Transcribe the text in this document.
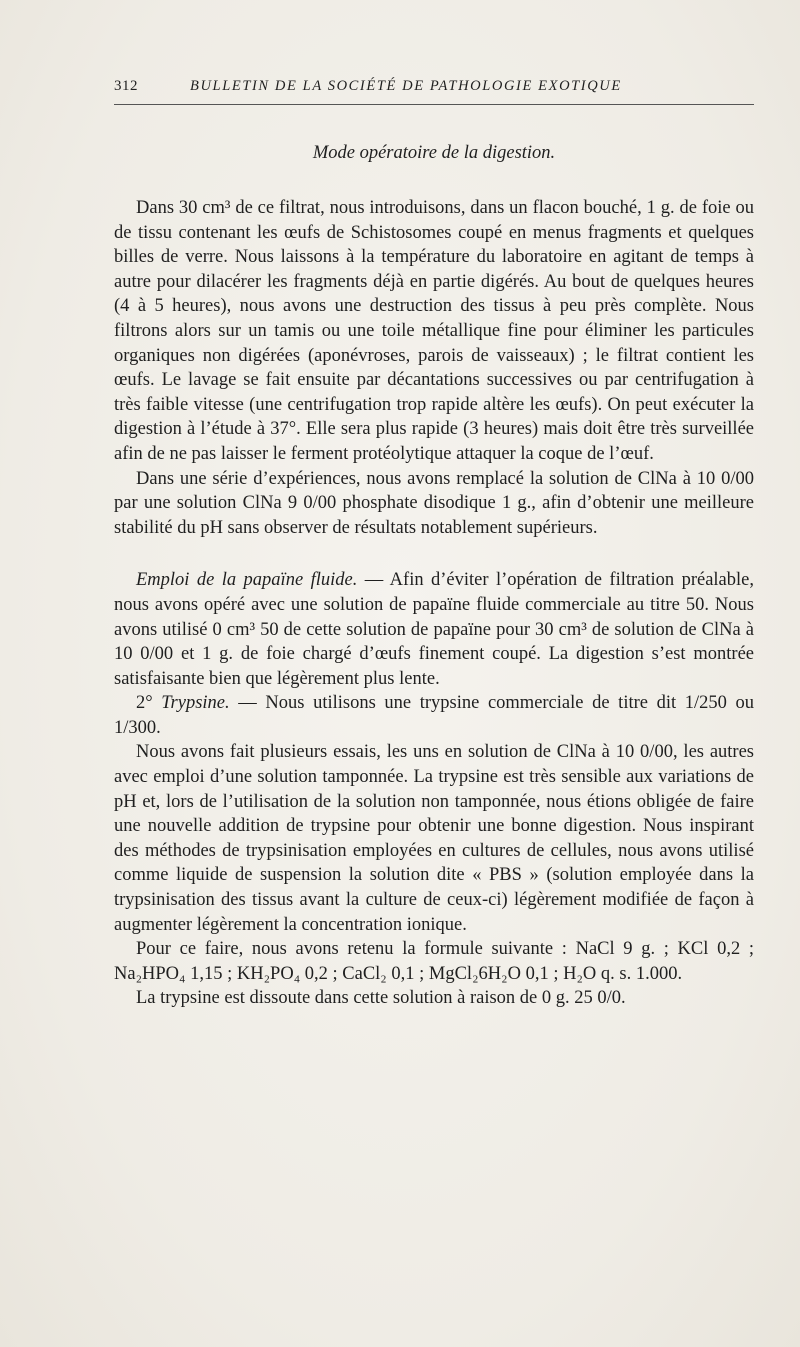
312	BULLETIN DE LA SOCIÉTÉ DE PATHOLOGIE EXOTIQUE
Mode opératoire de la digestion.

Dans 30 cm³ de ce filtrat, nous introduisons, dans un flacon bouché, 1 g. de foie ou de tissu contenant les œufs de Schistosomes coupé en menus fragments et quelques billes de verre. Nous laissons à la température du laboratoire en agitant de temps à autre pour dilacérer les fragments déjà en partie digérés. Au bout de quelques heures (4 à 5 heures), nous avons une destruction des tissus à peu près complète. Nous filtrons alors sur un tamis ou une toile métallique fine pour éliminer les particules organiques non digérées (aponévroses, parois de vaisseaux) ; le filtrat contient les œufs. Le lavage se fait ensuite par décantations successives ou par centrifugation à très faible vitesse (une centrifugation trop rapide altère les œufs). On peut exécuter la digestion à l’étude à 37°. Elle sera plus rapide (3 heures) mais doit être très surveillée afin de ne pas laisser le ferment protéolytique attaquer la coque de l’œuf.

Dans une série d’expériences, nous avons remplacé la solution de ClNa à 10 0/00 par une solution ClNa 9 0/00 phosphate disodique 1 g., afin d’obtenir une meilleure stabilité du pH sans observer de résultats notablement supérieurs.

Emploi de la papaïne fluide. — Afin d’éviter l’opération de filtration préalable, nous avons opéré avec une solution de papaïne fluide commerciale au titre 50. Nous avons utilisé 0 cm³ 50 de cette solution de papaïne pour 30 cm³ de solution de ClNa à 10 0/00 et 1 g. de foie chargé d’œufs finement coupé. La digestion s’est montrée satisfaisante bien que légèrement plus lente.

2° Trypsine. — Nous utilisons une trypsine commerciale de titre dit 1/250 ou 1/300.

Nous avons fait plusieurs essais, les uns en solution de ClNa à 10 0/00, les autres avec emploi d’une solution tamponnée. La trypsine est très sensible aux variations de pH et, lors de l’utilisation de la solution non tamponnée, nous étions obligée de faire une nouvelle addition de trypsine pour obtenir une bonne digestion. Nous inspirant des méthodes de trypsinisation employées en cultures de cellules, nous avons utilisé comme liquide de suspension la solution dite « PBS » (solution employée dans la trypsinisation des tissus avant la culture de ceux-ci) légèrement modifiée de façon à augmenter légèrement la concentration ionique.

Pour ce faire, nous avons retenu la formule suivante : NaCl 9 g. ; KCl 0,2 ; Na₂HPO₄ 1,15 ; KH₂PO₄ 0,2 ; CaCl₂ 0,1 ; MgCl₂6H₂O 0,1 ; H₂O q. s. 1.000.

La trypsine est dissoute dans cette solution à raison de 0 g. 25 0/0.
